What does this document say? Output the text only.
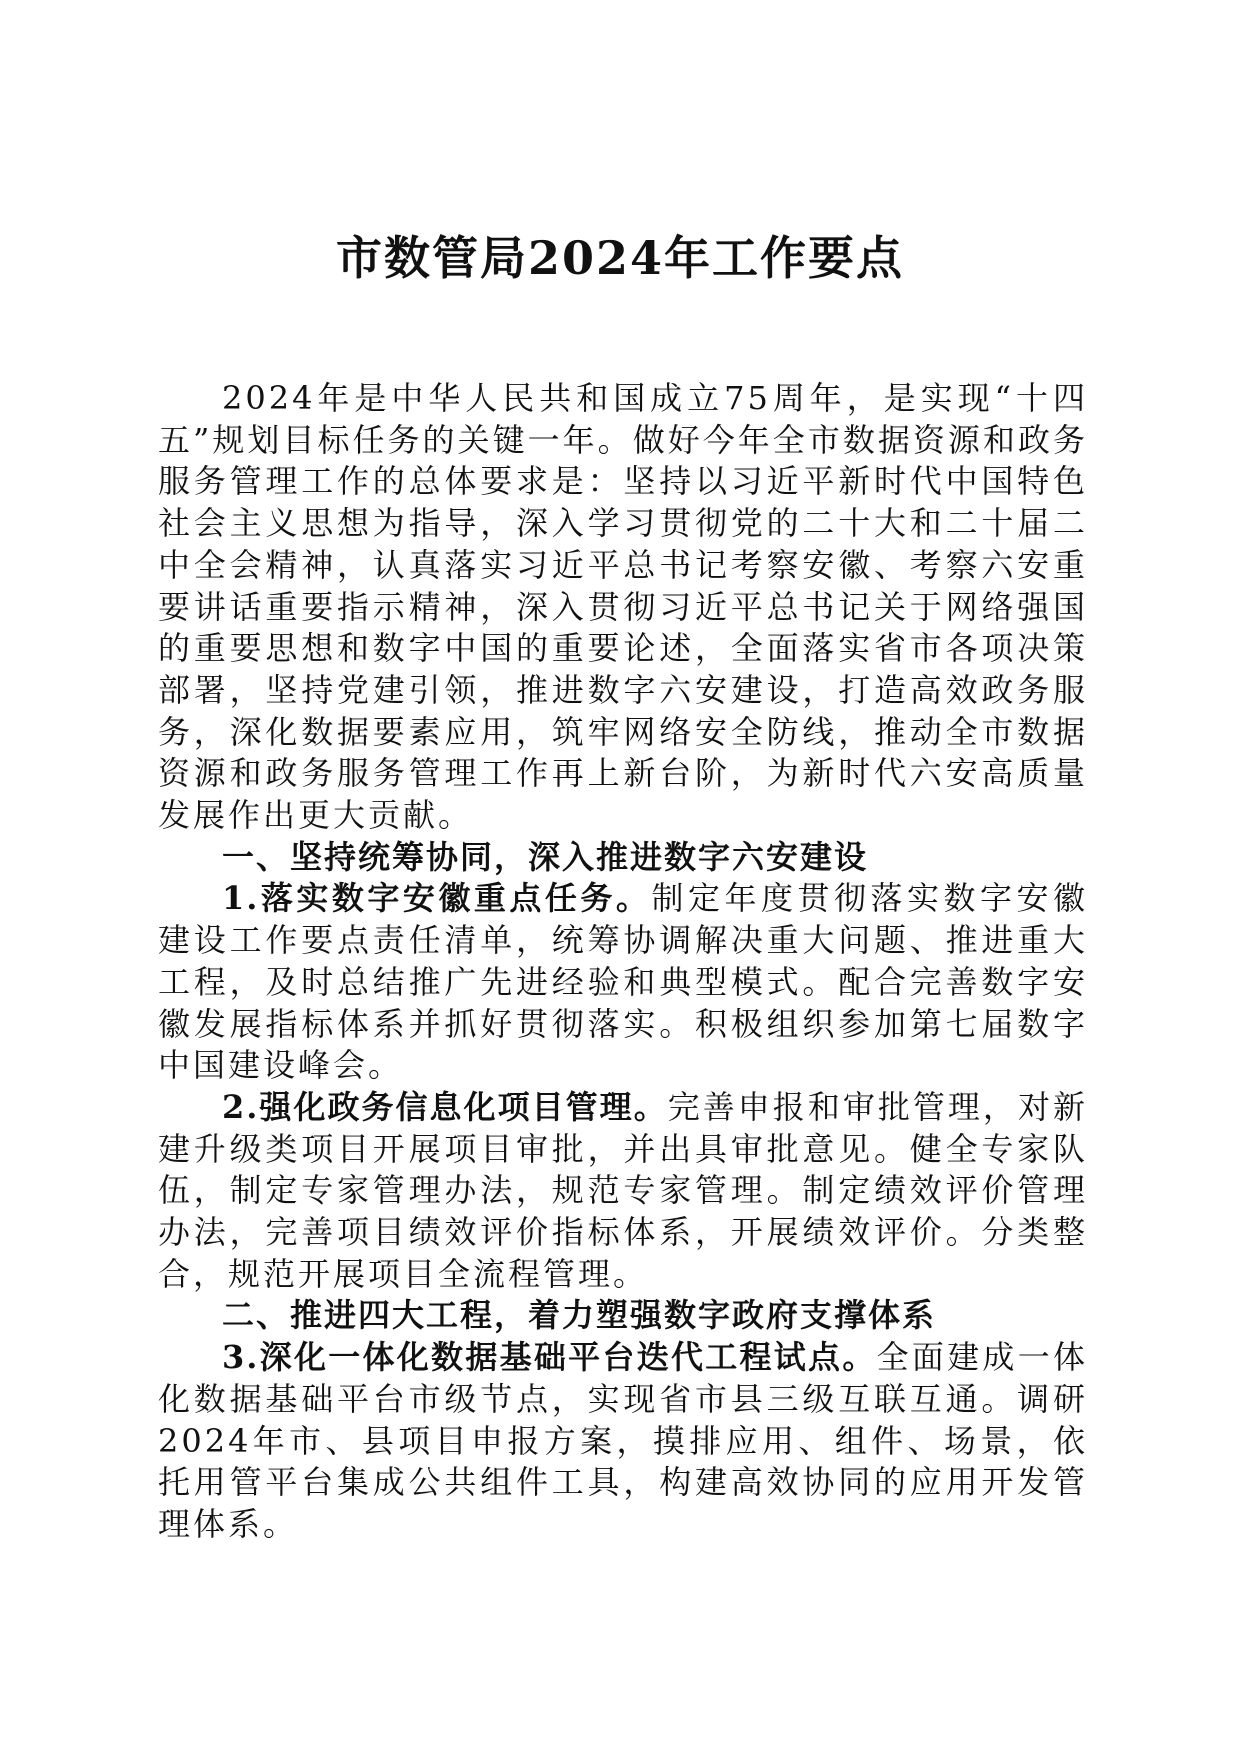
市数管局2024年工作要点

2024年是中华人民共和国成立75周年，是实现“十四五”规划目标任务的关键一年。做好今年全市数据资源和政务服务管理工作的总体要求是：坚持以习近平新时代中国特色社会主义思想为指导，深入学习贯彻党的二十大和二十届二中全会精神，认真落实习近平总书记考察安徽、考察六安重要讲话重要指示精神，深入贯彻习近平总书记关于网络强国的重要思想和数字中国的重要论述，全面落实省市各项决策部署，坚持党建引领，推进数字六安建设，打造高效政务服务，深化数据要素应用，筑牢网络安全防线，推动全市数据资源和政务服务管理工作再上新台阶，为新时代六安高质量发展作出更大贡献。

一、坚持统筹协同，深入推进数字六安建设

1.落实数字安徽重点任务。制定年度贯彻落实数字安徽建设工作要点责任清单，统筹协调解决重大问题、推进重大工程，及时总结推广先进经验和典型模式。配合完善数字安徽发展指标体系并抓好贯彻落实。积极组织参加第七届数字中国建设峰会。

2.强化政务信息化项目管理。完善申报和审批管理，对新建升级类项目开展项目审批，并出具审批意见。健全专家队伍，制定专家管理办法，规范专家管理。制定绩效评价管理办法，完善项目绩效评价指标体系，开展绩效评价。分类整合，规范开展项目全流程管理。

二、推进四大工程，着力塑强数字政府支撑体系

3.深化一体化数据基础平台迭代工程试点。全面建成一体化数据基础平台市级节点，实现省市县三级互联互通。调研2024年市、县项目申报方案，摸排应用、组件、场景，依托用管平台集成公共组件工具，构建高效协同的应用开发管理体系。
